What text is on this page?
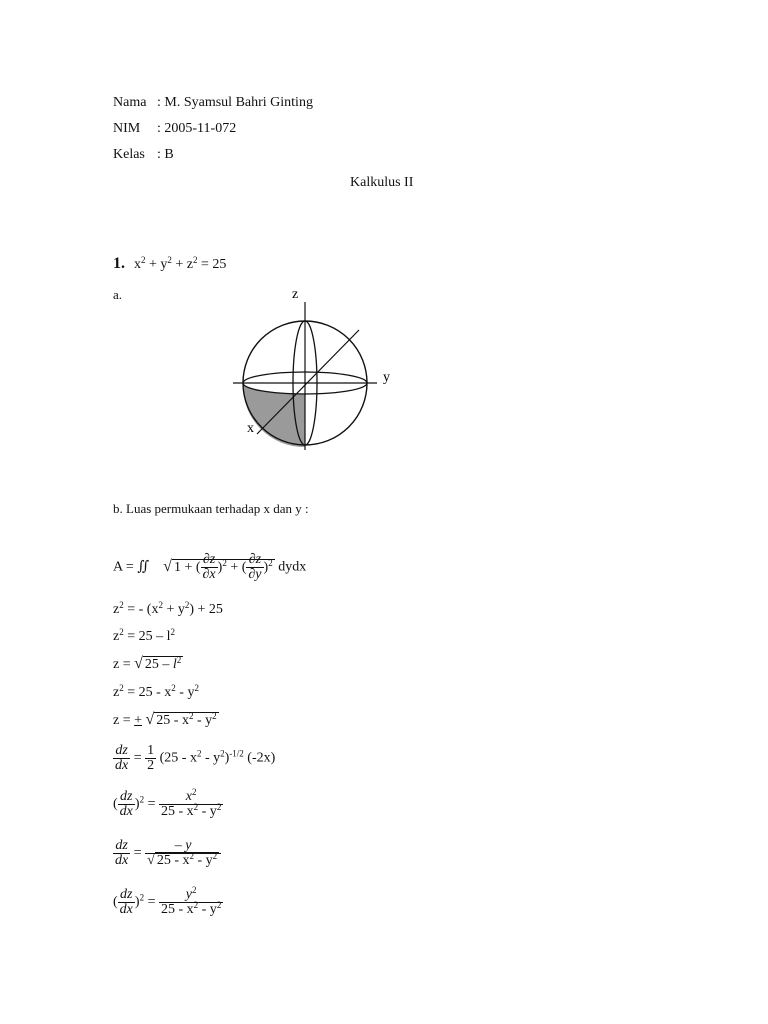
Nama : M. Syamsul Bahri Ginting
NIM : 2005-11-072
Kelas : B
Kalkulus II
1. $x^2 + y^2 + z^2 = 25$
a.	z
y
x
b. Luas permukaan terhadap x dan y :
A = ∬    √ 1 + ( $\frac{\partial z}{\partial x} )^2$ + ( $\frac{\partial z}{\partial y} )^2$ dydx
$z^2$ = - $(x^2 + y^2) + 25$
$z^2 = 25 - l^2$
z = √ $25 - l^2$
$z^2 = 25 - x^2 - y^2$
z = + √ $25 - x^2 - y^2$
$\frac{dz}{dx} = \frac{1}{2} (25 - x^2 - y^2)^{-1/2}$ (-2x)
( $\frac{dz}{dx} )^2 = \frac{x^2}{25 - x^2 - y^2}$
$\frac{dz}{dx} = \frac{- y}{√ 25 - x^2 - y^2}$
( $\frac{dz}{dx} )^2 = \frac{y^2}{25 - x^2 - y^2}$
